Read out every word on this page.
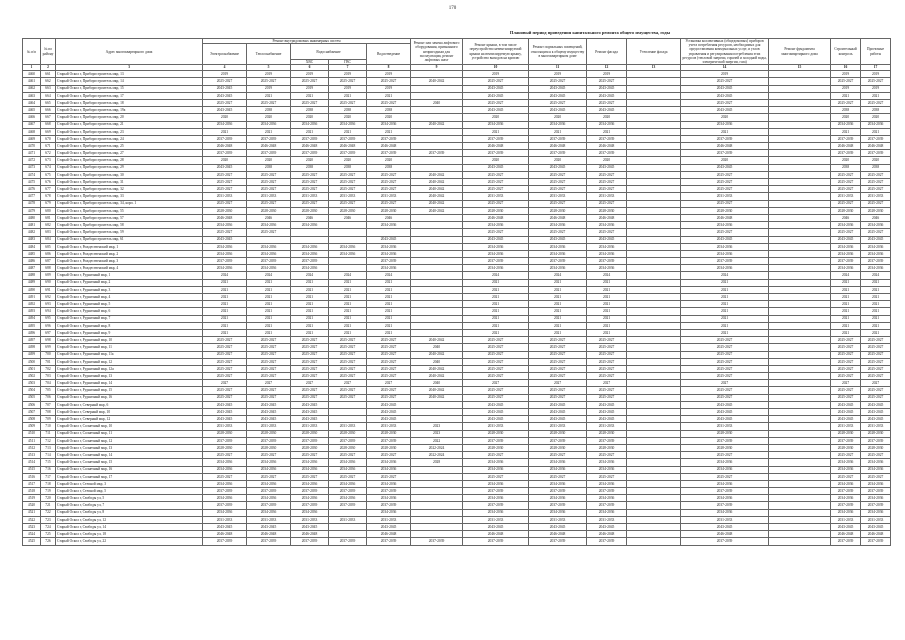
170
Плановый период проведения капитального ремонта общего имущества, годы
№ п/п	№ по району	Адрес многоквартирного дома	Ремонт внутридомовых инженерных систем					Ремонт или замена лифтового оборудования, признанного непригодным для эксплуатации, ремонт лифтовых шахт	Ремонт крыши, в том числе переустройство невентилируемой крыши на вентилируемую крышу, устройство выходов на кровлю	Ремонт подвальных помещений, относящихся к общему имуществу в многоквартирном доме	Ремонт фасада	Утепление фасада	Установка коллективных (общедомовых) приборов учета потребления ресурсов, необходимых для предоставления коммунальных услуг, и узлов управления и регулирования потребления этих ресурсов (тепловой энергии, горячей и холодной воды, электрической энергии, газа)	Ремонт фундамента многоквартирного дома	Строительный контроль	Проектные работы
			Электроснабжение	Теплоснабжение	Водоснабжение		Водоотведение									
					ХВС	ГВС										
1	2	3	4	5	6	7	8	9	10	11	12	13	14	15	16	17
4460	661	Старый Оскол г, Приборостроитель мкр, 13	2019	2019	2019	2019	2019		2019	2019	2019		2019		2019	2019
4461	662	Старый Оскол г, Приборостроитель мкр, 14	2025-2027	2025-2027	2025-2027	2025-2027	2025-2027	2040-2042	2025-2027	2025-2027	2025-2027		2025-2027		2025-2027	2025-2027
4462	663	Старый Оскол г, Приборостроитель мкр, 15	2043-2045	2019	2019	2019	2019		2043-2045	2043-2045	2043-2045		2043-2045		2019	2019
4463	664	Старый Оскол г, Приборостроитель мкр, 17	2043-2045	2021	2021	2021	2021		2043-2045	2043-2045	2043-2045		2043-2045		2021	2021
4464	665	Старый Оскол г, Приборостроитель мкр, 18	2025-2027	2025-2027	2025-2027	2025-2027	2025-2027	2040	2025-2027	2025-2027	2025-2027		2025-2027		2025-2027	2025-2027
4465	666	Старый Оскол г, Приборостроитель мкр, 19а	2043-2045	2038	2038	2038	2038		2043-2045	2043-2045	2043-2045		2043-2045		2038	2038
4466	667	Старый Оскол г, Приборостроитель мкр, 20	2020	2020	2020	2020	2020		2020	2020	2020		2020		2020	2020
4467	668	Старый Оскол г, Приборостроитель мкр, 21	2034-2036	2034-2036	2034-2036	2034-2036	2034-2036	2040-2042	2034-2036	2034-2036	2034-2036		2034-2036		2034-2036	2034-2036
4468	669	Старый Оскол г, Приборостроитель мкр, 23	2021	2021	2021	2021	2021		2021	2021	2021		2021		2021	2021
4469	670	Старый Оскол г, Приборостроитель мкр, 24	2037-2039	2037-2039	2037-2039	2037-2039	2037-2039		2037-2039	2037-2039	2037-2039		2037-2039		2037-2039	2037-2039
4470	671	Старый Оскол г, Приборостроитель мкр, 25	2046-2048	2046-2048	2046-2048	2046-2048	2046-2048		2046-2048	2046-2048	2046-2048		2046-2048		2046-2048	2046-2048
4471	672	Старый Оскол г, Приборостроитель мкр, 27	2037-2039	2037-2039	2037-2039	2037-2039	2037-2039	2037-2039	2037-2039	2037-2039	2037-2039		2037-2039		2037-2039	2037-2039
4472	673	Старый Оскол г, Приборостроитель мкр, 28	2020	2020	2020	2020	2020		2020	2020	2020		2020		2020	2020
4473	674	Старый Оскол г, Приборостроитель мкр, 29	2043-2045	2038	2038	2038	2038		2043-2045	2043-2045	2043-2045		2043-2045		2038	2038
4474	675	Старый Оскол г, Приборостроитель мкр, 30	2025-2027	2025-2027	2025-2027	2025-2027	2025-2027	2040-2042	2025-2027	2025-2027	2025-2027		2025-2027		2025-2027	2025-2027
4475	676	Старый Оскол г, Приборостроитель мкр, 31	2025-2027	2025-2027	2025-2027	2025-2027	2025-2027	2040-2042	2025-2027	2025-2027	2025-2027		2025-2027		2025-2027	2025-2027
4476	677	Старый Оскол г, Приборостроитель мкр, 32	2025-2027	2025-2027	2025-2027	2025-2027	2025-2027	2040-2042	2025-2027	2025-2027	2025-2027		2025-2027		2025-2027	2025-2027
4477	678	Старый Оскол г, Приборостроитель мкр, 33	2031-2033	2031-2033	2031-2033	2031-2033	2031-2033	2040-2042	2031-2033	2031-2033	2031-2033		2031-2033		2031-2033	2031-2033
4478	679	Старый Оскол г, Приборостроитель мкр, 34, корп. 1	2025-2027	2025-2027	2025-2027	2025-2027	2025-2027	2040-2042	2025-2027	2025-2027	2025-2027		2025-2027		2025-2027	2025-2027
4479	680	Старый Оскол г, Приборостроитель мкр, 55	2028-2030	2028-2030	2028-2030	2028-2030	2028-2030	2040-2042	2028-2030	2028-2030	2028-2030		2028-2030		2028-2030	2028-2030
4480	681	Старый Оскол г, Приборостроитель мкр, 57	2046-2048	2046	2046	2046	2046		2046-2048	2046-2048	2046-2048		2046-2048		2046	2046
4481	682	Старый Оскол г, Приборостроитель мкр, 58	2034-2036	2034-2036	2034-2036		2034-2036		2034-2036	2034-2036	2034-2036		2034-2036		2034-2036	2034-2036
4482	683	Старый Оскол г, Приборостроитель мкр, 59	2025-2027	2025-2027					2025-2027	2025-2027	2025-2027		2025-2027		2025-2027	2025-2027
4483	684	Старый Оскол г, Приборостроитель мкр, 61	2043-2045				2043-2045		2043-2045	2043-2045	2043-2045		2043-2045		2043-2045	2043-2045
4484	685	Старый Оскол г, Рождественский мкр, 1	2034-2036	2034-2036	2034-2036	2034-2036	2034-2036		2034-2036	2034-2036	2034-2036		2034-2036		2034-2036	2034-2036
4485	686	Старый Оскол г, Рождественский мкр, 2	2034-2036	2034-2036	2034-2036	2034-2036	2034-2036		2034-2036	2034-2036	2034-2036		2034-2036		2034-2036	2034-2036
4486	687	Старый Оскол г, Рождественский мкр, 3	2037-2039	2037-2039	2037-2039		2037-2039		2037-2039	2037-2039	2037-2039		2037-2039		2037-2039	2037-2039
4487	688	Старый Оскол г, Рождественский мкр, 4	2034-2036	2034-2036	2034-2036		2034-2036		2034-2036	2034-2036	2034-2036		2034-2036		2034-2036	2034-2036
4488	689	Старый Оскол г, Рудничный мкр, 1	2024	2024	2024	2024	2024		2024	2024	2024		2024		2024	2024
4489	690	Старый Оскол г, Рудничный мкр, 2	2021	2021	2021	2021	2021		2021	2021	2021		2021		2021	2021
4490	691	Старый Оскол г, Рудничный мкр, 3	2021	2021	2021	2021	2021		2021	2021	2021		2021		2021	2021
4491	692	Старый Оскол г, Рудничный мкр, 4	2021	2021	2021	2021	2021		2021	2021	2021		2021		2021	2021
4492	693	Старый Оскол г, Рудничный мкр, 5	2021	2021	2021	2021	2021		2021	2021	2021		2021		2021	2021
4493	694	Старый Оскол г, Рудничный мкр, 6	2021	2021	2021	2021	2021		2021	2021	2021		2021		2021	2021
4494	695	Старый Оскол г, Рудничный мкр, 7	2021	2021	2021	2021	2021		2021	2021	2021		2021		2021	2021
4495	696	Старый Оскол г, Рудничный мкр, 8	2021	2021	2021	2021	2021		2021	2021	2021		2021		2021	2021
4496	697	Старый Оскол г, Рудничный мкр, 9	2021	2021	2021	2021	2021		2021	2021	2021		2021		2021	2021
4497	698	Старый Оскол г, Рудничный мкр, 10	2025-2027	2025-2027	2025-2027	2025-2027	2025-2027	2040-2042	2025-2027	2025-2027	2025-2027		2025-2027		2025-2027	2025-2027
4498	699	Старый Оскол г, Рудничный мкр, 11	2025-2027	2025-2027	2025-2027	2025-2027	2025-2027	2040	2025-2027	2025-2027	2025-2027		2025-2027		2025-2027	2025-2027
4499	700	Старый Оскол г, Рудничный мкр, 11а	2025-2027	2025-2027	2025-2027	2025-2027	2025-2027	2040-2042	2025-2027	2025-2027	2025-2027		2025-2027		2025-2027	2025-2027
4500	701	Старый Оскол г, Рудничный мкр, 12	2025-2027	2025-2027	2025-2027	2025-2027	2025-2027	2040	2025-2027	2025-2027	2025-2027		2025-2027		2025-2027	2025-2027
4501	702	Старый Оскол г, Рудничный мкр, 12а	2025-2027	2025-2027	2025-2027	2025-2027	2025-2027	2040-2042	2025-2027	2025-2027	2025-2027		2025-2027		2025-2027	2025-2027
4502	703	Старый Оскол г, Рудничный мкр, 13	2025-2027	2025-2027	2025-2027	2025-2027	2025-2027	2040-2042	2025-2027	2025-2027	2025-2027		2025-2027		2025-2027	2025-2027
4503	704	Старый Оскол г, Рудничный мкр, 14	2027	2027	2027	2027	2027	2040	2027	2027	2027		2027		2027	2027
4504	705	Старый Оскол г, Рудничный мкр, 15	2025-2027	2025-2027	2025-2027	2025-2027	2025-2027	2040-2042	2025-2027	2025-2027	2025-2027		2025-2027		2025-2027	2025-2027
4505	706	Старый Оскол г, Рудничный мкр, 16	2025-2027	2025-2027	2025-2027	2025-2027	2025-2027	2040-2042	2025-2027	2025-2027	2025-2027		2025-2027		2025-2027	2025-2027
4506	707	Старый Оскол г, Северный мкр, 6	2043-2045	2043-2045	2043-2045		2043-2045		2043-2045	2043-2045	2043-2045		2043-2045		2043-2045	2043-2045
4507	708	Старый Оскол г, Северный мкр, 10	2043-2045	2043-2045	2043-2045		2043-2045		2043-2045	2043-2045	2043-2045		2043-2045		2043-2045	2043-2045
4508	709	Старый Оскол г, Северный мкр, 12	2043-2045	2043-2045	2043-2045		2043-2045		2043-2045	2043-2045	2043-2045		2043-2045		2043-2045	2043-2045
4509	710	Старый Оскол г, Солнечный мкр, 10	2031-2033	2031-2033	2031-2033	2031-2033	2031-2033	2023	2031-2033	2031-2033	2031-2033		2031-2033		2031-2033	2031-2033
4510	711	Старый Оскол г, Солнечный мкр, 11	2028-2030	2028-2030	2028-2030	2028-2030	2028-2030	2023	2028-2030	2028-2030	2028-2030		2028-2030		2028-2030	2028-2030
4511	712	Старый Оскол г, Солнечный мкр, 12	2037-2039	2037-2039	2037-2039	2037-2039	2037-2039	2022	2037-2039	2037-2039	2037-2039		2037-2039		2037-2039	2037-2039
4512	713	Старый Оскол г, Солнечный мкр, 13	2028-2030	2028-2030	2028-2030	2028-2030	2028-2030	2022-2024	2028-2030	2028-2030	2028-2030		2028-2030		2028-2030	2028-2030
4513	714	Старый Оскол г, Солнечный мкр, 14	2025-2027	2025-2027	2025-2027	2025-2027	2025-2027	2022-2024	2025-2027	2025-2027	2025-2027		2025-2027		2025-2027	2025-2027
4514	715	Старый Оскол г, Солнечный мкр, 15	2034-2036	2034-2036	2034-2036	2034-2036	2034-2036	2028	2034-2036	2034-2036	2034-2036		2034-2036		2034-2036	2034-2036
4515	716	Старый Оскол г, Солнечный мкр, 16	2034-2036	2034-2036	2034-2036	2034-2036	2034-2036		2034-2036	2034-2036	2034-2036		2034-2036		2034-2036	2034-2036
4516	717	Старый Оскол г, Солнечный мкр, 17	2025-2027	2025-2027	2025-2027	2025-2027	2025-2027		2025-2027	2025-2027	2025-2027		2025-2027		2025-2027	2025-2027
4517	718	Старый Оскол г, Степной мкр, 3	2034-2036	2034-2036	2034-2036	2034-2036	2034-2036		2034-2036	2034-2036	2034-2036		2034-2036		2034-2036	2034-2036
4518	719	Старый Оскол г, Степной мкр, 5	2037-2039	2037-2039	2037-2039	2037-2039	2037-2039		2037-2039	2037-2039	2037-2039		2037-2039		2037-2039	2037-2039
4519	720	Старый Оскол г, Свободы ул, 5	2034-2036	2034-2036	2034-2036	2034-2036	2034-2036		2034-2036	2034-2036	2034-2036		2034-2036		2034-2036	2034-2036
4520	721	Старый Оскол г, Свободы ул, 7	2037-2039	2037-2039	2037-2039	2037-2039	2037-2039		2037-2039	2037-2039	2037-2039		2037-2039		2037-2039	2037-2039
4521	722	Старый Оскол г, Свободы ул, 8	2034-2036	2034-2036	2034-2036		2034-2036		2034-2036	2034-2036	2034-2036		2034-2036		2034-2036	2034-2036
4522	723	Старый Оскол г, Свободы ул, 12	2031-2033	2031-2033	2031-2033	2031-2033	2031-2033		2031-2033	2031-2033	2031-2033		2031-2033		2031-2033	2031-2033
4523	724	Старый Оскол г, Свободы ул, 14	2043-2045	2043-2045	2043-2045		2043-2045		2043-2045	2043-2045	2043-2045		2043-2045		2043-2045	2043-2045
4524	725	Старый Оскол г, Свободы ул, 18	2046-2048	2046-2048	2046-2048		2046-2048		2046-2048	2046-2048	2046-2048		2046-2048		2046-2048	2046-2048
4525	726	Старый Оскол г, Свободы ул, 22	2037-2039	2037-2039	2037-2039	2037-2039	2037-2039	2037-2039	2037-2039	2037-2039	2037-2039		2037-2039		2037-2039	2037-2039
